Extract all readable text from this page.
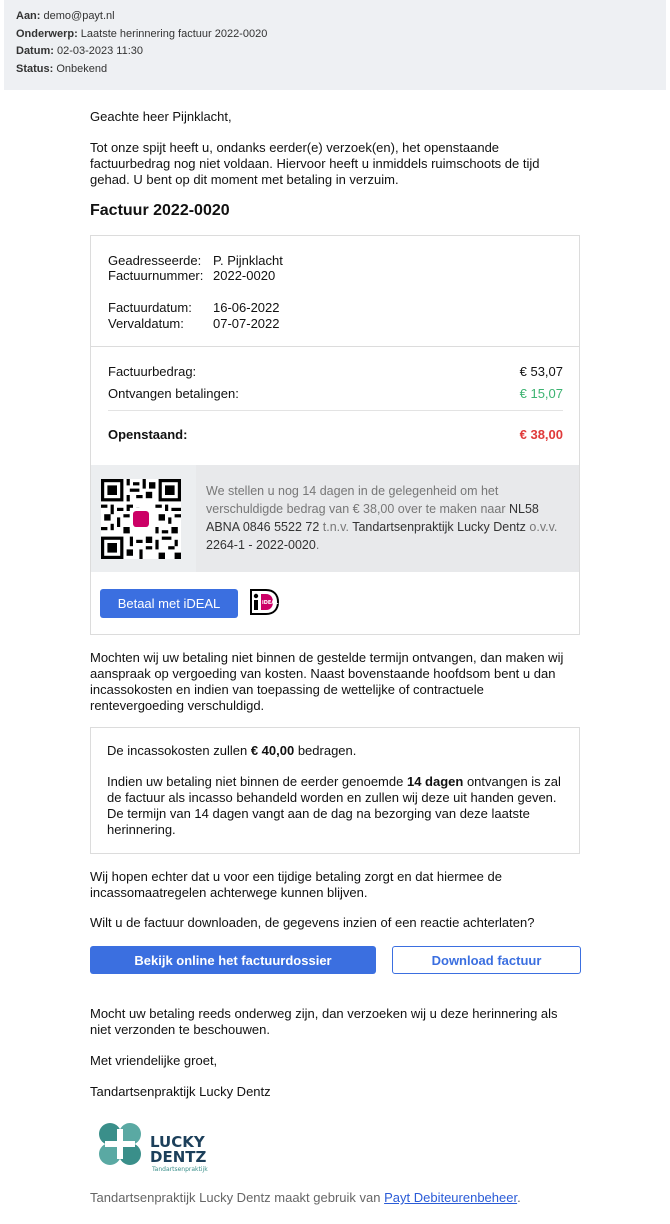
Aan: demo@payt.nl
Onderwerp: Laatste herinnering factuur 2022-0020
Datum: 02-03-2023 11:30
Status: Onbekend
Geachte heer Pijnklacht,
Tot onze spijt heeft u, ondanks eerder(e) verzoek(en), het openstaande factuurbedrag nog niet voldaan. Hiervoor heeft u inmiddels ruimschoots de tijd gehad. U bent op dit moment met betaling in verzuim.
Factuur 2022-0020
Geadresseerde: P. Pijnklacht
Factuurnummer: 2022-0020
Factuurdatum: 16-06-2022
Vervaldatum: 07-07-2022
Factuurbedrag:	€ 53,07
Ontvangen betalingen:	€ 15,07
Openstaand:	€ 38,00
We stellen u nog 14 dagen in de gelegenheid om het verschuldigde bedrag van € 38,00 over te maken naar NL58 ABNA 0846 5522 72 t.n.v. Tandartsenpraktijk Lucky Dentz o.v.v. 2264-1 - 2022-0020.
Betaal met iDEAL	iDEAL
Mochten wij uw betaling niet binnen de gestelde termijn ontvangen, dan maken wij aanspraak op vergoeding van kosten. Naast bovenstaande hoofdsom bent u dan incassokosten en indien van toepassing de wettelijke of contractuele rentevergoeding verschuldigd.

De incassokosten zullen € 40,00 bedragen.

Indien uw betaling niet binnen de eerder genoemde 14 dagen ontvangen is zal de factuur als incasso behandeld worden en zullen wij deze uit handen geven. De termijn van 14 dagen vangt aan de dag na bezorging van deze laatste herinnering.

Wij hopen echter dat u voor een tijdige betaling zorgt en dat hiermee de incassomaatregelen achterwege kunnen blijven.
Wilt u de factuur downloaden, de gegevens inzien of een reactie achterlaten?
Bekijk online het factuurdossier	Download factuur
Mocht uw betaling reeds onderweg zijn, dan verzoeken wij u deze herinnering als niet verzonden te beschouwen.
Met vriendelijke groet,
Tandartsenpraktijk Lucky Dentz
LUCKY
DENTZ
Tandartsenpraktijk
Tandartsenpraktijk Lucky Dentz maakt gebruik van Payt Debiteurenbeheer.
